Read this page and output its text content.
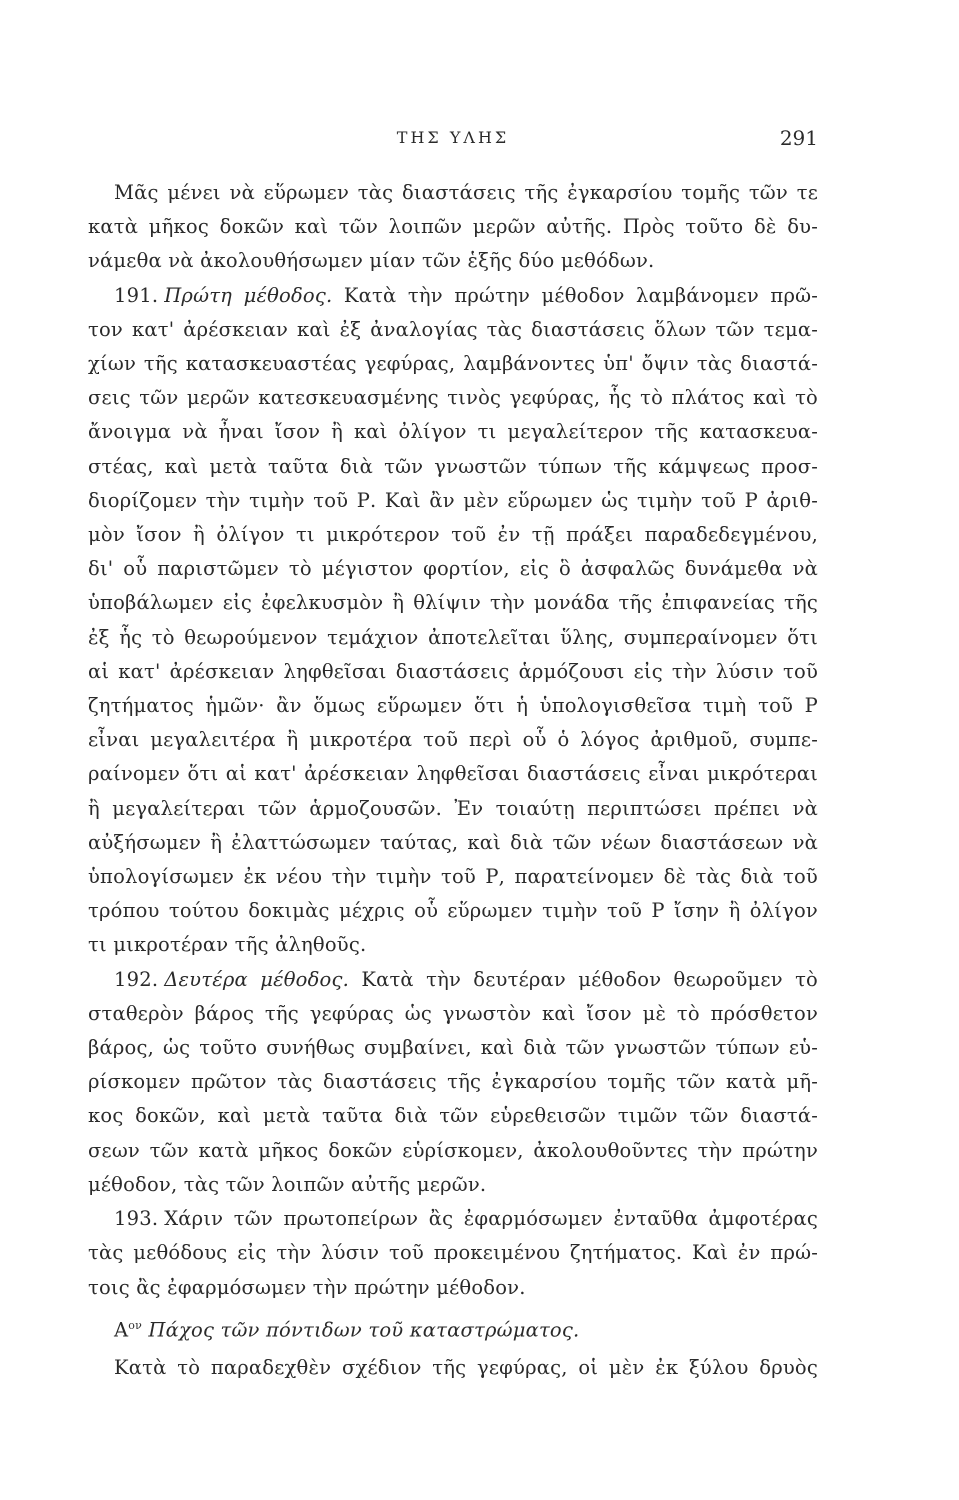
ΤΗΣ ΥΛΗΣ	291
Μᾶς μένει νὰ εὕρωμεν τὰς διαστάσεις τῆς ἐγκαρσίου τομῆς τῶν τε
κατὰ μῆκος δοκῶν καὶ τῶν λοιπῶν μερῶν αὐτῆς. Πρὸς τοῦτο δὲ δυ-
νάμεθα νὰ ἀκολουθήσωμεν μίαν τῶν ἑξῆς δύο μεθόδων.
191. Πρώτη μέθοδος. Κατὰ τὴν πρώτην μέθοδον λαμβάνομεν πρῶ-
τον κατ' ἀρέσκειαν καὶ ἐξ ἀναλογίας τὰς διαστάσεις ὅλων τῶν τεμα-
χίων τῆς κατασκευαστέας γεφύρας, λαμβάνοντες ὑπ' ὄψιν τὰς διαστά-
σεις τῶν μερῶν κατεσκευασμένης τινὸς γεφύρας, ἧς τὸ πλάτος καὶ τὸ
ἄνοιγμα νὰ ἦναι ἴσον ἢ καὶ ὀλίγον τι μεγαλείτερον τῆς κατασκευα-
στέας, καὶ μετὰ ταῦτα διὰ τῶν γνωστῶν τύπων τῆς κάμψεως προσ-
διορίζομεν τὴν τιμὴν τοῦ Ρ. Καὶ ἂν μὲν εὕρωμεν ὡς τιμὴν τοῦ Ρ ἀριθ-
μὸν ἴσον ἢ ὀλίγον τι μικρότερον τοῦ ἐν τῇ πράξει παραδεδεγμένου,
δι' οὗ παριστῶμεν τὸ μέγιστον φορτίον, εἰς ὃ ἀσφαλῶς δυνάμεθα νὰ
ὑποβάλωμεν εἰς ἐφελκυσμὸν ἢ θλίψιν τὴν μονάδα τῆς ἐπιφανείας τῆς
ἐξ ἧς τὸ θεωρούμενον τεμάχιον ἀποτελεῖται ὕλης, συμπεραίνομεν ὅτι
αἱ κατ' ἀρέσκειαν ληφθεῖσαι διαστάσεις ἁρμόζουσι εἰς τὴν λύσιν τοῦ
ζητήματος ἡμῶν· ἂν ὅμως εὕρωμεν ὅτι ἡ ὑπολογισθεῖσα τιμὴ τοῦ Ρ
εἶναι μεγαλειτέρα ἢ μικροτέρα τοῦ περὶ οὗ ὁ λόγος ἀριθμοῦ, συμπε-
ραίνομεν ὅτι αἱ κατ' ἀρέσκειαν ληφθεῖσαι διαστάσεις εἶναι μικρότεραι
ἢ μεγαλείτεραι τῶν ἁρμοζουσῶν. Ἐν τοιαύτῃ περιπτώσει πρέπει νὰ
αὐξήσωμεν ἢ ἐλαττώσωμεν ταύτας, καὶ διὰ τῶν νέων διαστάσεων νὰ
ὑπολογίσωμεν ἐκ νέου τὴν τιμὴν τοῦ Ρ, παρατείνομεν δὲ τὰς διὰ τοῦ
τρόπου τούτου δοκιμὰς μέχρις οὗ εὕρωμεν τιμὴν τοῦ Ρ ἴσην ἢ ὀλίγον
τι μικροτέραν τῆς ἀληθοῦς.
192. Δευτέρα μέθοδος. Κατὰ τὴν δευτέραν μέθοδον θεωροῦμεν τὸ
σταθερὸν βάρος τῆς γεφύρας ὡς γνωστὸν καὶ ἴσον μὲ τὸ πρόσθετον
βάρος, ὡς τοῦτο συνήθως συμβαίνει, καὶ διὰ τῶν γνωστῶν τύπων εὑ-
ρίσκομεν πρῶτον τὰς διαστάσεις τῆς ἐγκαρσίου τομῆς τῶν κατὰ μῆ-
κος δοκῶν, καὶ μετὰ ταῦτα διὰ τῶν εὑρεθεισῶν τιμῶν τῶν διαστά-
σεων τῶν κατὰ μῆκος δοκῶν εὑρίσκομεν, ἀκολουθοῦντες τὴν πρώτην
μέθοδον, τὰς τῶν λοιπῶν αὐτῆς μερῶν.
193. Χάριν τῶν πρωτοπείρων ἂς ἐφαρμόσωμεν ἐνταῦθα ἀμφοτέρας
τὰς μεθόδους εἰς τὴν λύσιν τοῦ προκειμένου ζητήματος. Καὶ ἐν πρώ-
τοις ἂς ἐφαρμόσωμεν τὴν πρώτην μέθοδον.
$A^{o\nu}$ Πάχος τῶν πόντιδων τοῦ καταστρώματος.
Κατὰ τὸ παραδεχθὲν σχέδιον τῆς γεφύρας, οἱ μὲν ἐκ ξύλου δρυὸς
